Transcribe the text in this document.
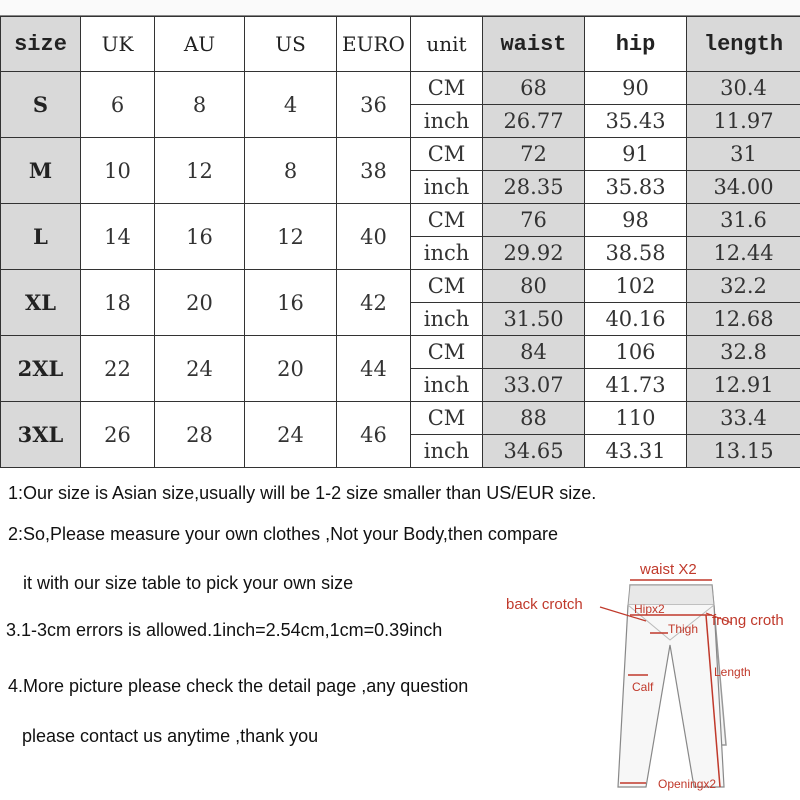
size	UK	AU	US	EURO	unit	waist	hip	length
S	6	8	4	36	CM	68	90	30.4
					inch	26.77	35.43	11.97
M	10	12	8	38	CM	72	91	31
					inch	28.35	35.83	34.00
L	14	16	12	40	CM	76	98	31.6
					inch	29.92	38.58	12.44
XL	18	20	16	42	CM	80	102	32.2
					inch	31.50	40.16	12.68
2XL	22	24	20	44	CM	84	106	32.8
					inch	33.07	41.73	12.91
3XL	26	28	24	46	CM	88	110	33.4
					inch	34.65	43.31	13.15
1:Our size is Asian size,usually will be 1-2 size smaller than US/EUR size.
2:So,Please measure your own clothes ,Not your Body,then compare
it with our size table to pick your own size
3.1-3cm errors is allowed.1inch=2.54cm,1cm=0.39inch
4.More picture please check the detail page ,any question
please contact us anytime ,thank you
waist X2
back crotch	Hipx2
Thigh frong croth
Length
Calf
Openingx2
